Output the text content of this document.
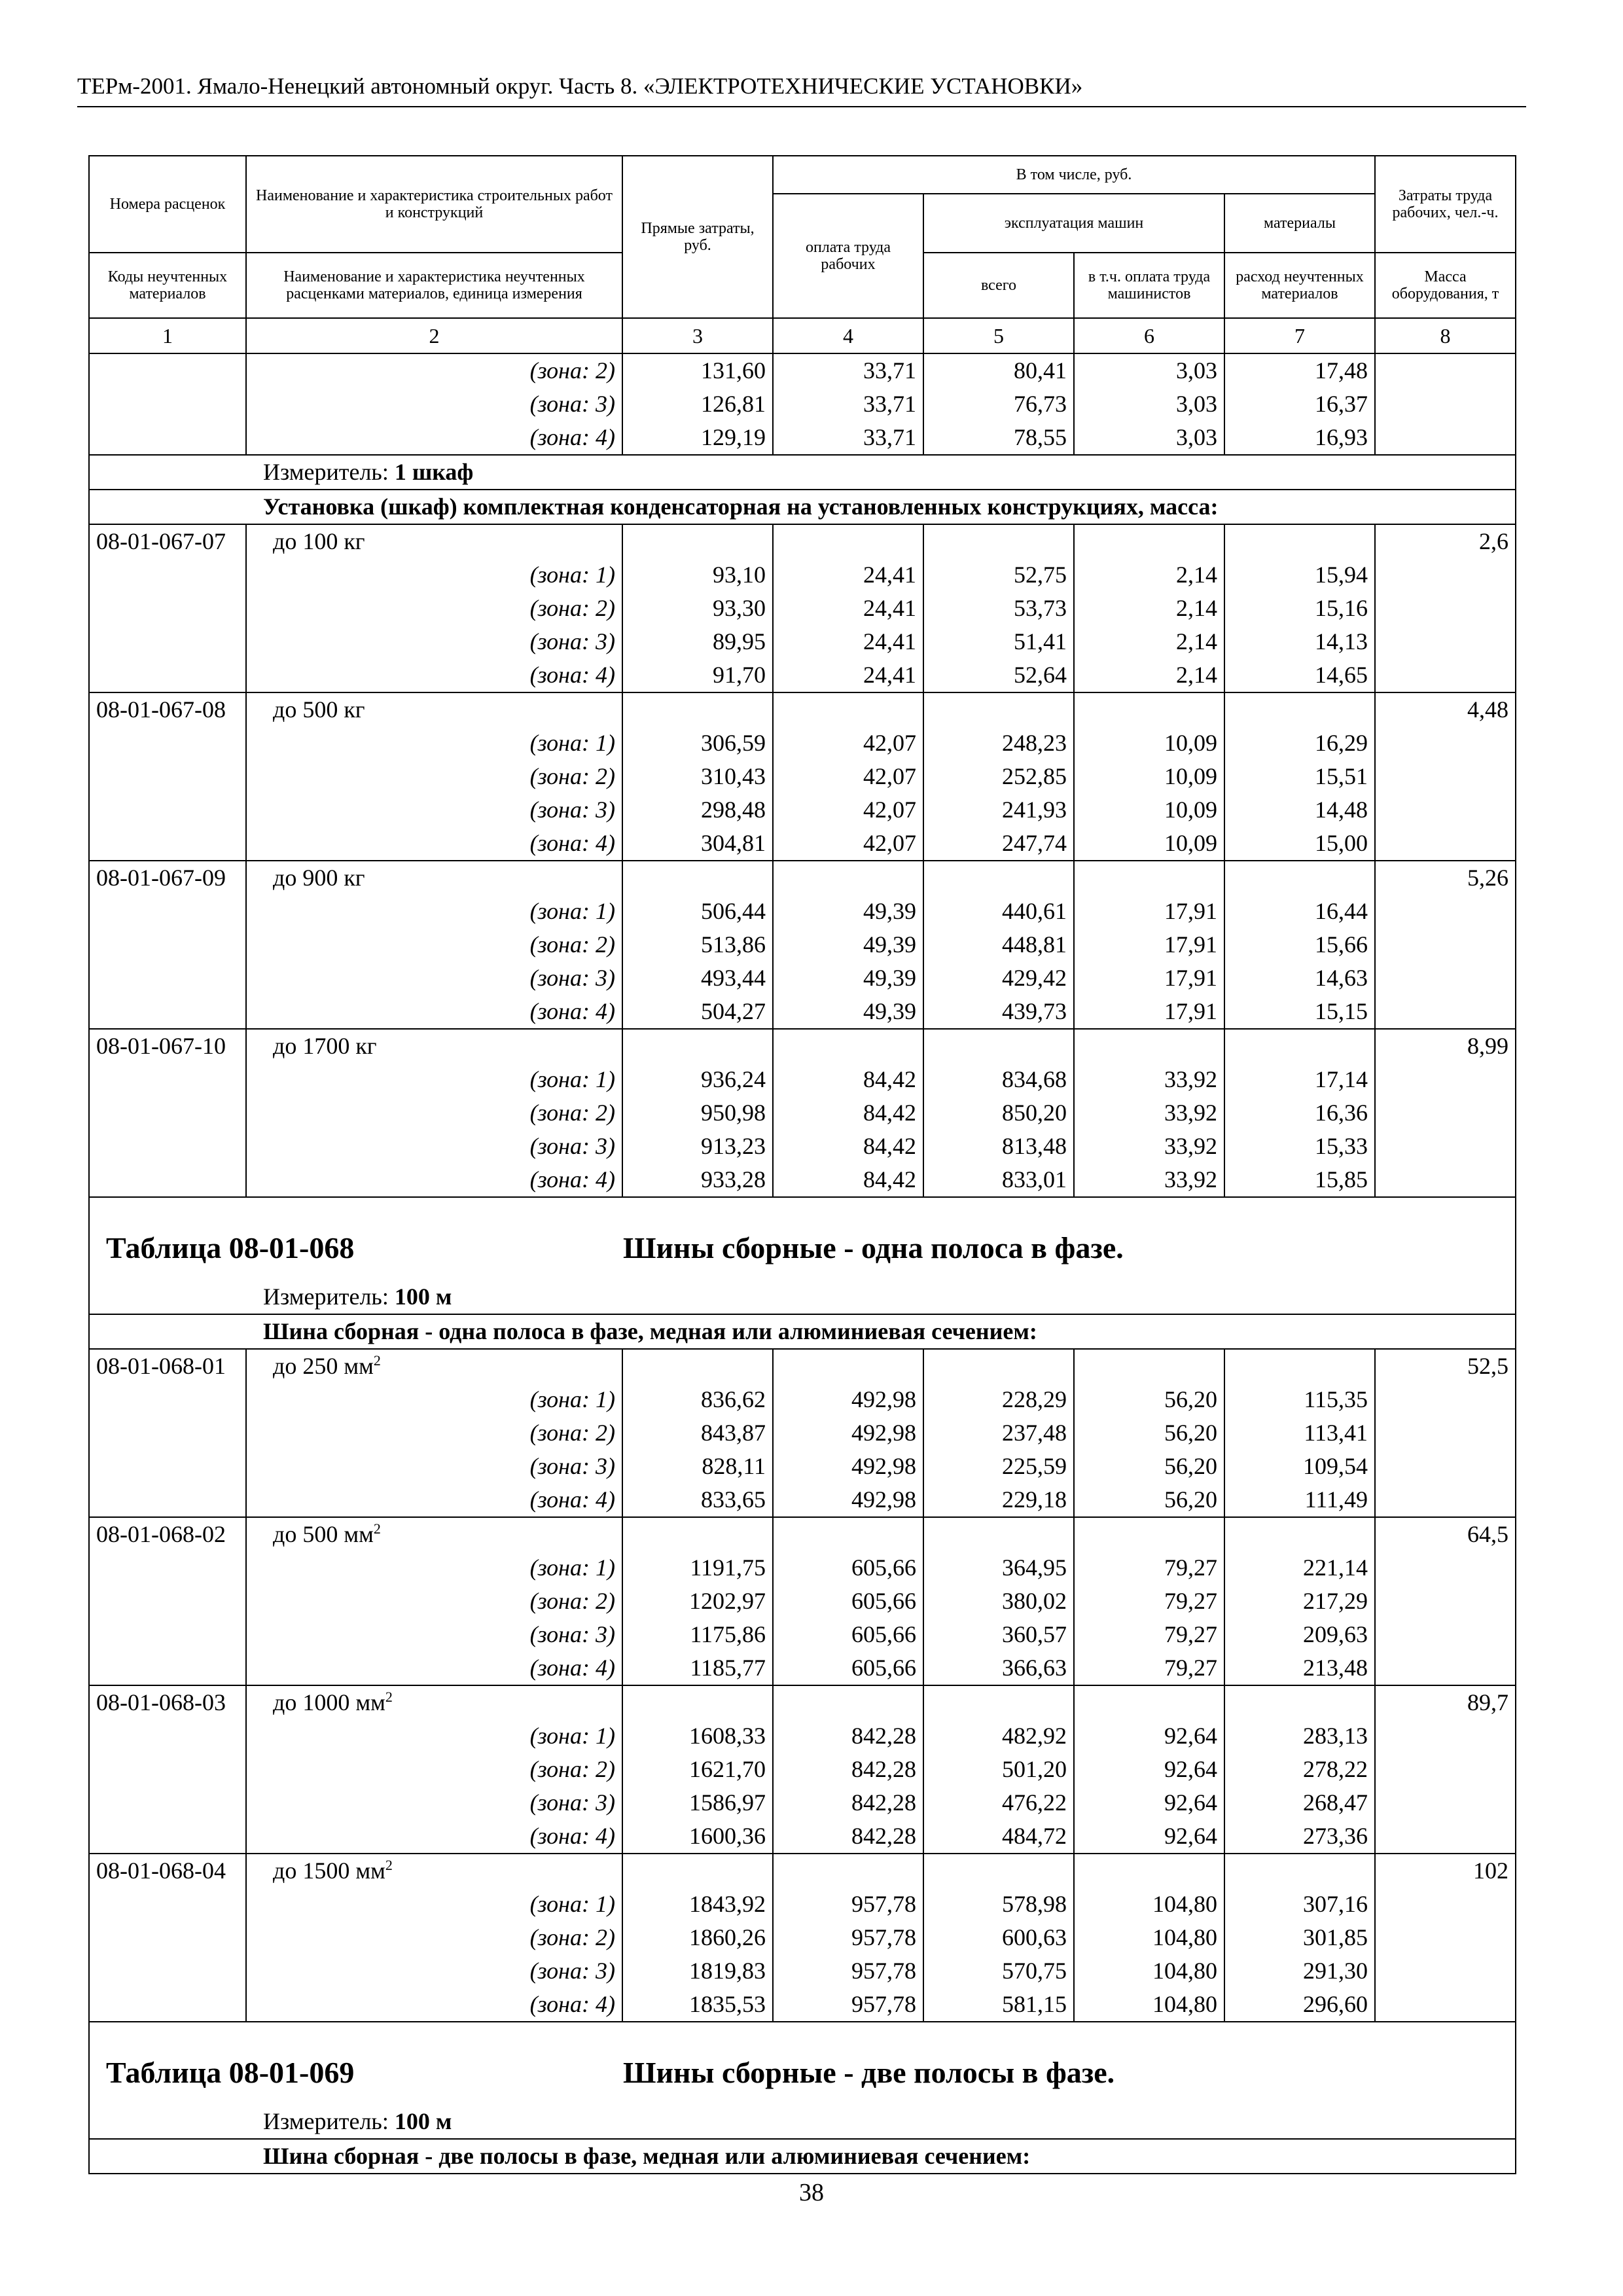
ТЕРм-2001. Ямало-Ненецкий автономный округ. Часть 8. «ЭЛЕКТРОТЕХНИЧЕСКИЕ УСТАНОВКИ»
Номера расценок	Наименование и характеристика строительных работ и конструкций	Прямые затраты, руб.	В том числе, руб.				Затраты труда рабочих, чел.-ч.
			оплата труда рабочих	эксплуатация машин		материалы	
Коды неучтенных материалов	Наименование и характеристика неучтенных расценками материалов, единица измерения			всего	в т.ч. оплата труда машинистов	расход неучтенных материалов	Масса оборудования, т
1	2	3	4	5	6	7	8
	(зона: 2)	131,60	33,71	80,41	3,03	17,48	
	(зона: 3)	126,81	33,71	76,73	3,03	16,37	
	(зона: 4)	129,19	33,71	78,55	3,03	16,93	
Измеритель: 1 шкаф							
Установка (шкаф) комплектная конденсаторная на установленных конструкциях, масса:							
08-01-067-07	до 100 кг						2,6
	(зона: 1)	93,10	24,41	52,75	2,14	15,94	
	(зона: 2)	93,30	24,41	53,73	2,14	15,16	
	(зона: 3)	89,95	24,41	51,41	2,14	14,13	
	(зона: 4)	91,70	24,41	52,64	2,14	14,65	
08-01-067-08	до 500 кг						4,48
	(зона: 1)	306,59	42,07	248,23	10,09	16,29	
	(зона: 2)	310,43	42,07	252,85	10,09	15,51	
	(зона: 3)	298,48	42,07	241,93	10,09	14,48	
	(зона: 4)	304,81	42,07	247,74	10,09	15,00	
08-01-067-09	до 900 кг						5,26
	(зона: 1)	506,44	49,39	440,61	17,91	16,44	
	(зона: 2)	513,86	49,39	448,81	17,91	15,66	
	(зона: 3)	493,44	49,39	429,42	17,91	14,63	
	(зона: 4)	504,27	49,39	439,73	17,91	15,15	
08-01-067-10	до 1700 кг						8,99
	(зона: 1)	936,24	84,42	834,68	33,92	17,14	
	(зона: 2)	950,98	84,42	850,20	33,92	16,36	
	(зона: 3)	913,23	84,42	813,48	33,92	15,33	
	(зона: 4)	933,28	84,42	833,01	33,92	15,85	
Таблица 08-01-068 Шины сборные - одна полоса в фазе.							

Измеритель: 100 м							
Шина сборная - одна полоса в фазе, медная или алюминиевая сечением:							
08-01-068-01	до 250 $мм^2$						52,5
	(зона: 1)	836,62	492,98	228,29	56,20	115,35	
	(зона: 2)	843,87	492,98	237,48	56,20	113,41	
	(зона: 3)	828,11	492,98	225,59	56,20	109,54	
	(зона: 4)	833,65	492,98	229,18	56,20	111,49	
08-01-068-02	до 500 $мм^2$						64,5
	(зона: 1)	1191,75	605,66	364,95	79,27	221,14	
	(зона: 2)	1202,97	605,66	380,02	79,27	217,29	
	(зона: 3)	1175,86	605,66	360,57	79,27	209,63	
	(зона: 4)	1185,77	605,66	366,63	79,27	213,48	
08-01-068-03	до 1000 $мм^2$						89,7
	(зона: 1)	1608,33	842,28	482,92	92,64	283,13	
	(зона: 2)	1621,70	842,28	501,20	92,64	278,22	
	(зона: 3)	1586,97	842,28	476,22	92,64	268,47	
	(зона: 4)	1600,36	842,28	484,72	92,64	273,36	
08-01-068-04	до 1500 $мм^2$						102
	(зона: 1)	1843,92	957,78	578,98	104,80	307,16	
	(зона: 2)	1860,26	957,78	600,63	104,80	301,85	
	(зона: 3)	1819,83	957,78	570,75	104,80	291,30	
	(зона: 4)	1835,53	957,78	581,15	104,80	296,60	
Таблица 08-01-069 Шины сборные - две полосы в фазе.							

Измеритель: 100 м							
Шина сборная - две полосы в фазе, медная или алюминиевая сечением:							
38
